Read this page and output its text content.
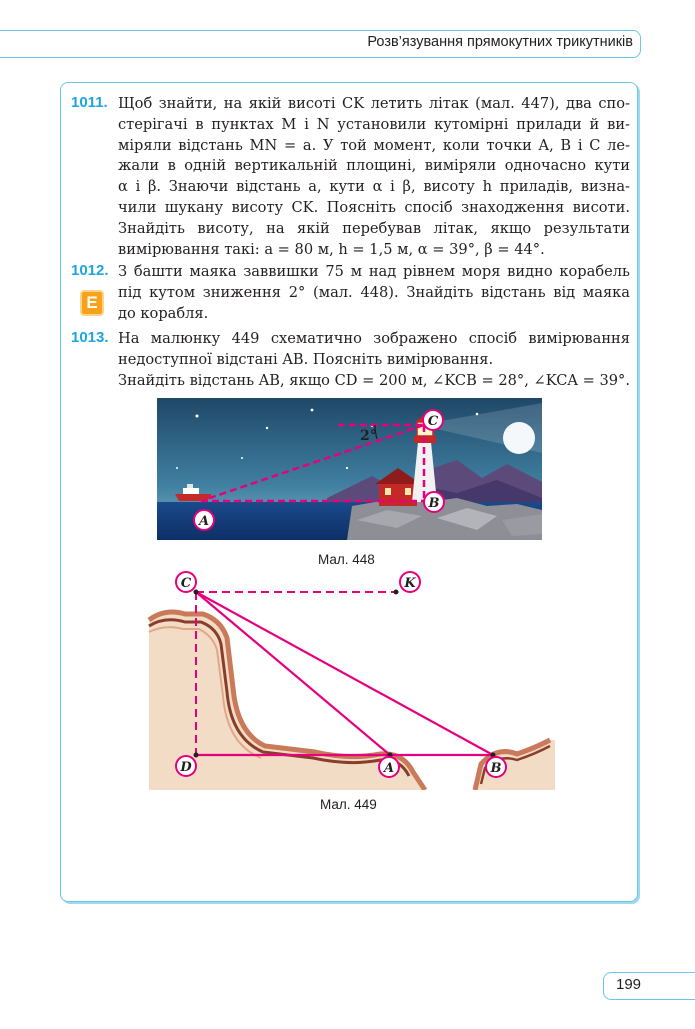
Розв’язування прямокутних трикутників
1011. Щоб знайти, на якій висоті CK летить літак (мал. 447), два спо-
стерігачі в пунктах M і N установили кутомірні прилади й ви-
міряли відстань MN = a. У той момент, коли точки A, B і C ле-
жали в одній вертикальній площині, виміряли одночасно кути
α і β. Знаючи відстань a, кути α і β, висоту h приладів, визна-
чили шукану висоту CK. Поясніть спосіб знаходження висоти.
Знайдіть висоту, на якій перебував літак, якщо результати
вимірювання такі: a = 80 м, h = 1,5 м, α = 39°, β = 44°.
1012.
E
З башти маяка заввишки 75 м над рівнем моря видно корабель
під кутом зниження 2° (мал. 448). Знайдіть відстань від маяка
до корабля.
1013. На малюнку 449 схематично зображено спосіб вимірювання
недоступної відстані AB. Поясніть вимірювання.
Знайдіть відстань AB, якщо CD = 200 м, ∠KCB = 28°, ∠KCA = 39°.
2°
C
B
A
Мал. 448
C	K
D	A	B
Мал. 449
199
